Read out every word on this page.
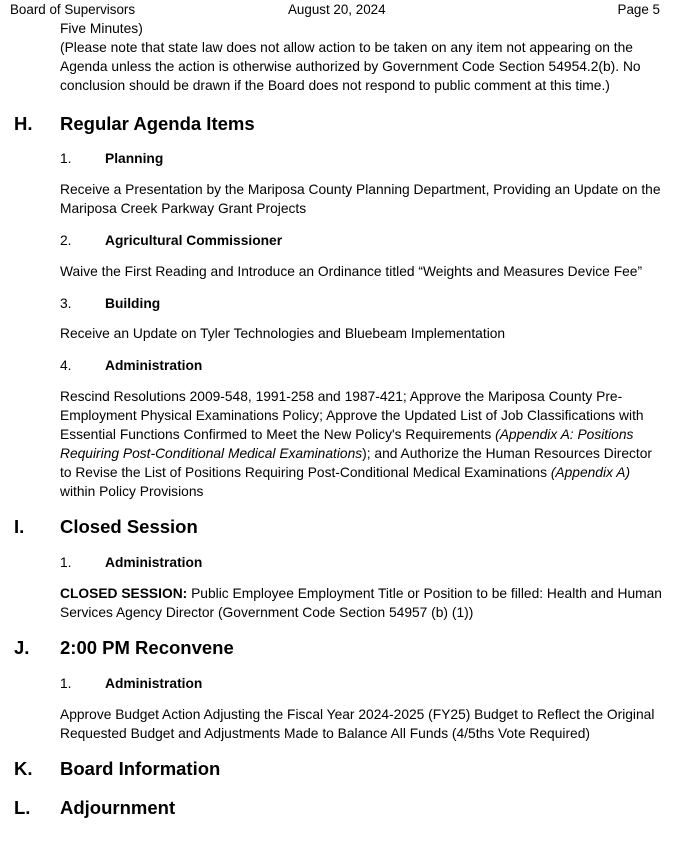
Board of Supervisors	August 20, 2024	Page 5
Five Minutes)
(Please note that state law does not allow action to be taken on any item not appearing on the Agenda unless the action is otherwise authorized by Government Code Section 54954.2(b). No conclusion should be drawn if the Board does not respond to public comment at this time.)
H. Regular Agenda Items
1. Planning
Receive a Presentation by the Mariposa County Planning Department, Providing an Update on the Mariposa Creek Parkway Grant Projects
2. Agricultural Commissioner
Waive the First Reading and Introduce an Ordinance titled “Weights and Measures Device Fee”
3. Building
Receive an Update on Tyler Technologies and Bluebeam Implementation
4. Administration
Rescind Resolutions 2009-548, 1991-258 and 1987-421; Approve the Mariposa County Pre-Employment Physical Examinations Policy; Approve the Updated List of Job Classifications with Essential Functions Confirmed to Meet the New Policy's Requirements (Appendix A: Positions Requiring Post-Conditional Medical Examinations); and Authorize the Human Resources Director to Revise the List of Positions Requiring Post-Conditional Medical Examinations (Appendix A) within Policy Provisions
I. Closed Session
1. Administration
CLOSED SESSION: Public Employee Employment Title or Position to be filled: Health and Human Services Agency Director (Government Code Section 54957 (b) (1))
J. 2:00 PM Reconvene
1. Administration
Approve Budget Action Adjusting the Fiscal Year 2024-2025 (FY25) Budget to Reflect the Original Requested Budget and Adjustments Made to Balance All Funds (4/5ths Vote Required)
K. Board Information
L. Adjournment
